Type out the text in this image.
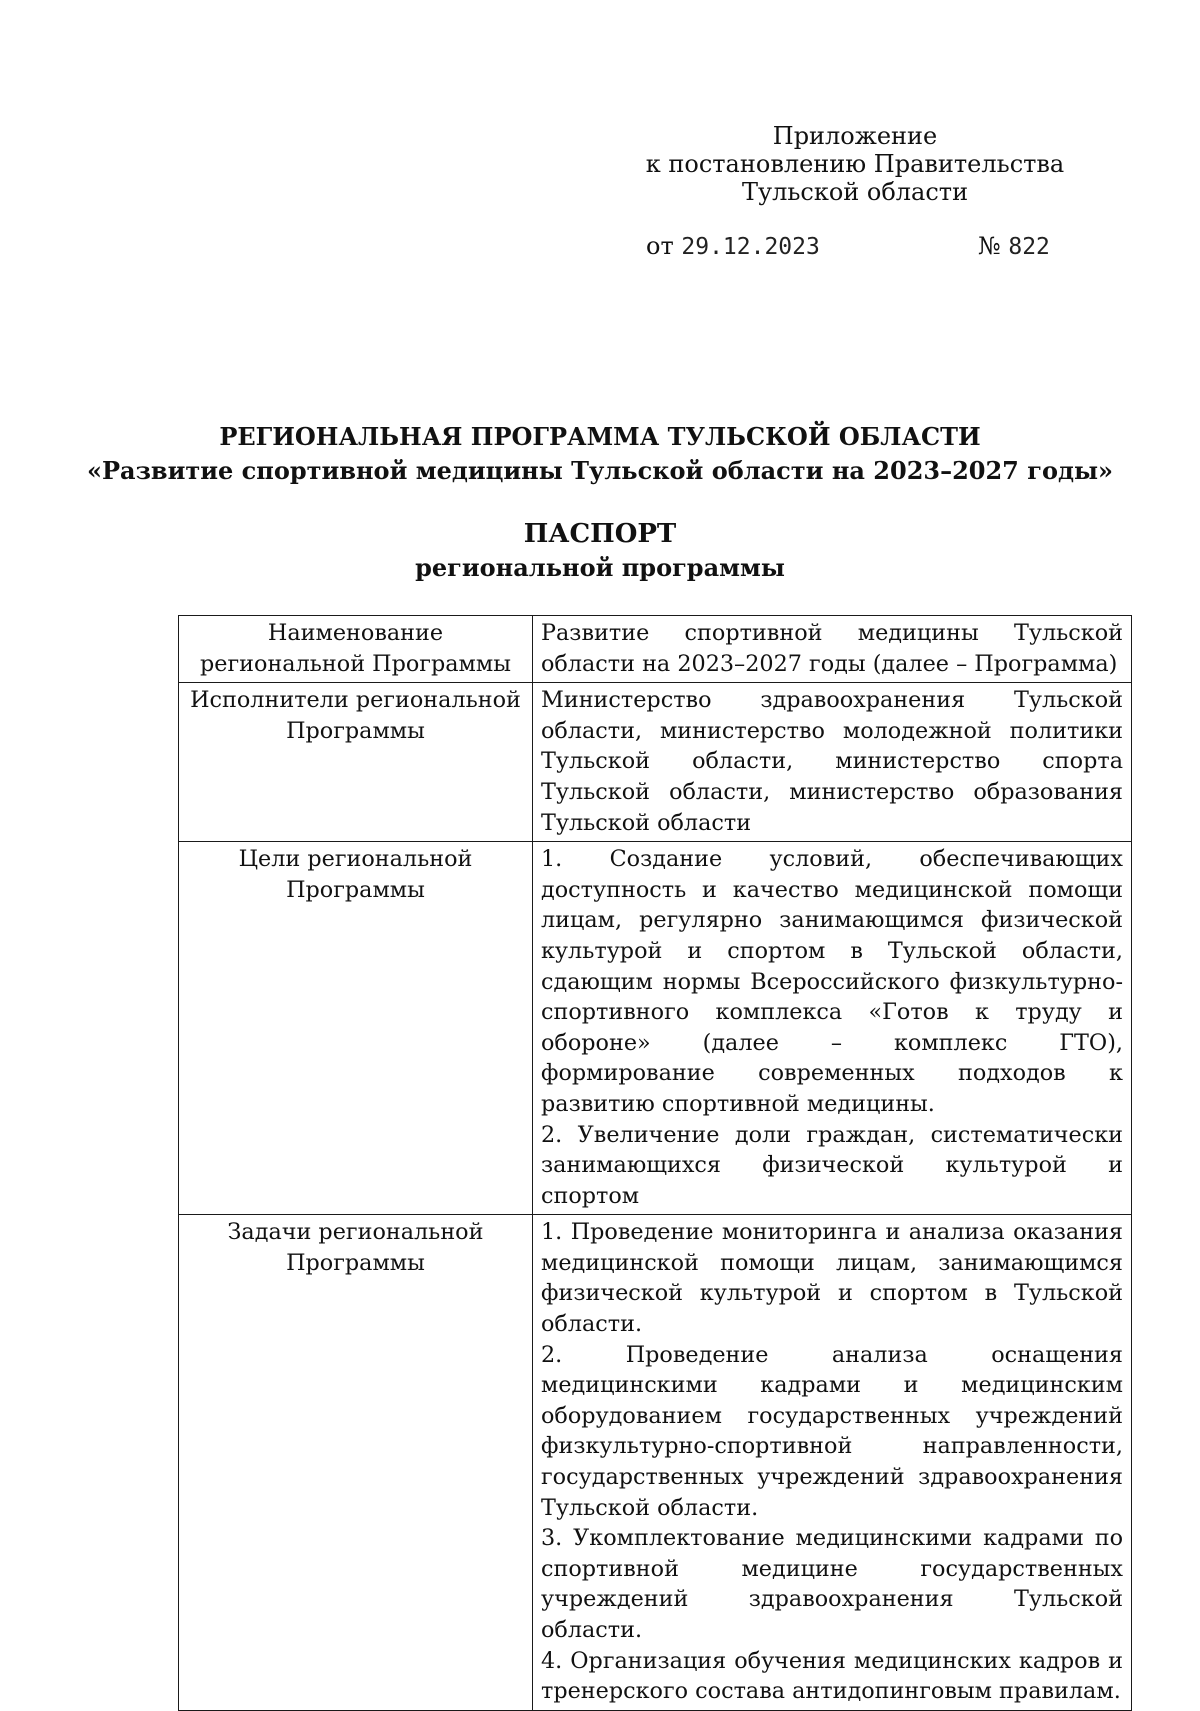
Приложение
к постановлению Правительства
Тульской области
от 29.12.2023	№ 822
РЕГИОНАЛЬНАЯ ПРОГРАММА ТУЛЬСКОЙ ОБЛАСТИ
«Развитие спортивной медицины Тульской области на 2023–2027 годы»
ПАСПОРТ
региональной программы
Наименование региональной Программы	Развитие спортивной медицины Тульской области на 2023–2027 годы (далее – Программа)

Исполнители региональной Программы	Министерство здравоохранения Тульской области, министерство молодежной политики Тульской области, министерство спорта Тульской области, министерство образования Тульской области

Цели региональной Программы	1. Создание условий, обеспечивающих доступность и качество медицинской помощи лицам, регулярно занимающимся физической культурой и спортом в Тульской области, сдающим нормы Всероссийского физкультурно-спортивного комплекса «Готов к труду и обороне» (далее – комплекс ГТО), формирование современных подходов к развитию спортивной медицины.
2. Увеличение доли граждан, систематически занимающихся физической культурой и спортом

Задачи региональной Программы	1. Проведение мониторинга и анализа оказания медицинской помощи лицам, занимающимся физической культурой и спортом в Тульской области.
2. Проведение анализа оснащения медицинскими кадрами и медицинским оборудованием государственных учреждений физкультурно-спортивной направленности, государственных учреждений здравоохранения Тульской области.
3. Укомплектование медицинскими кадрами по спортивной медицине государственных учреждений здравоохранения Тульской области.
4. Организация обучения медицинских кадров и тренерского состава антидопинговым правилам.
